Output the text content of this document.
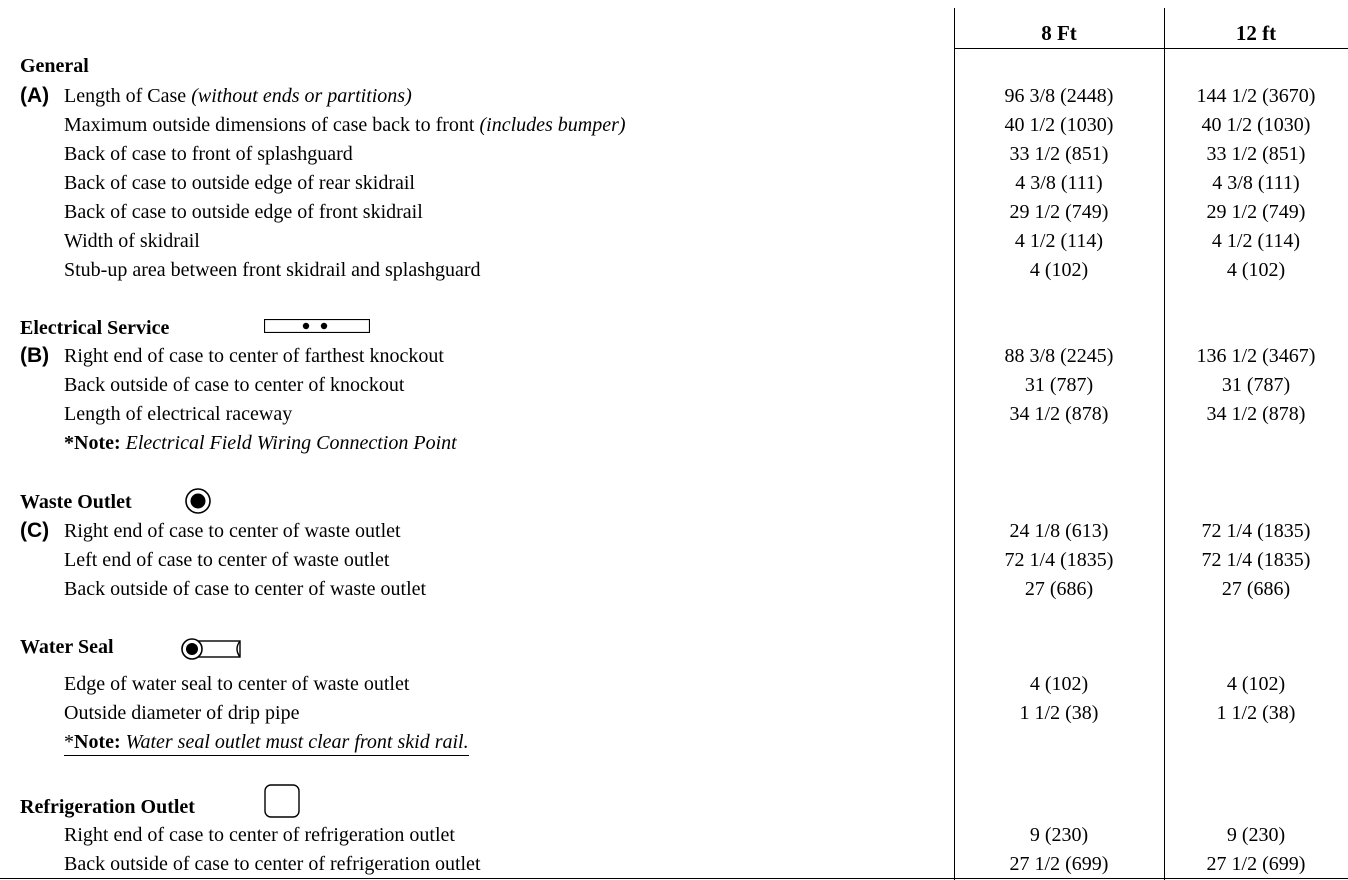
8 Ft	12 ft
General
(A) Length of Case (without ends or partitions)	96 3/8 (2448)	144 1/2 (3670)
Maximum outside dimensions of case back to front (includes bumper)	40 1/2 (1030)	40 1/2 (1030)
Back of case to front of splashguard	33 1/2 (851)	33 1/2 (851)
Back of case to outside edge of rear skidrail	4 3/8 (111)	4 3/8 (111)
Back of case to outside edge of front skidrail	29 1/2 (749)	29 1/2 (749)
Width of skidrail	4 1/2 (114)	4 1/2 (114)
Stub-up area between front skidrail and splashguard	4 (102)	4 (102)
Electrical Service
(B) Right end of case to center of farthest knockout	88 3/8 (2245)	136 1/2 (3467)
Back outside of case to center of knockout	31 (787)	31 (787)
Length of electrical raceway	34 1/2 (878)	34 1/2 (878)
*Note: Electrical Field Wiring Connection Point
Waste Outlet
(C) Right end of case to center of waste outlet	24 1/8 (613)	72 1/4 (1835)
Left end of case to center of waste outlet	72 1/4 (1835)	72 1/4 (1835)
Back outside of case to center of waste outlet	27 (686)	27 (686)
Water Seal
Edge of water seal to center of waste outlet	4 (102)	4 (102)
Outside diameter of drip pipe	1 1/2 (38)	1 1/2 (38)
*Note: Water seal outlet must clear front skid rail.
Refrigeration Outlet
Right end of case to center of refrigeration outlet	9 (230)	9 (230)
Back outside of case to center of refrigeration outlet	27 1/2 (699)	27 1/2 (699)
